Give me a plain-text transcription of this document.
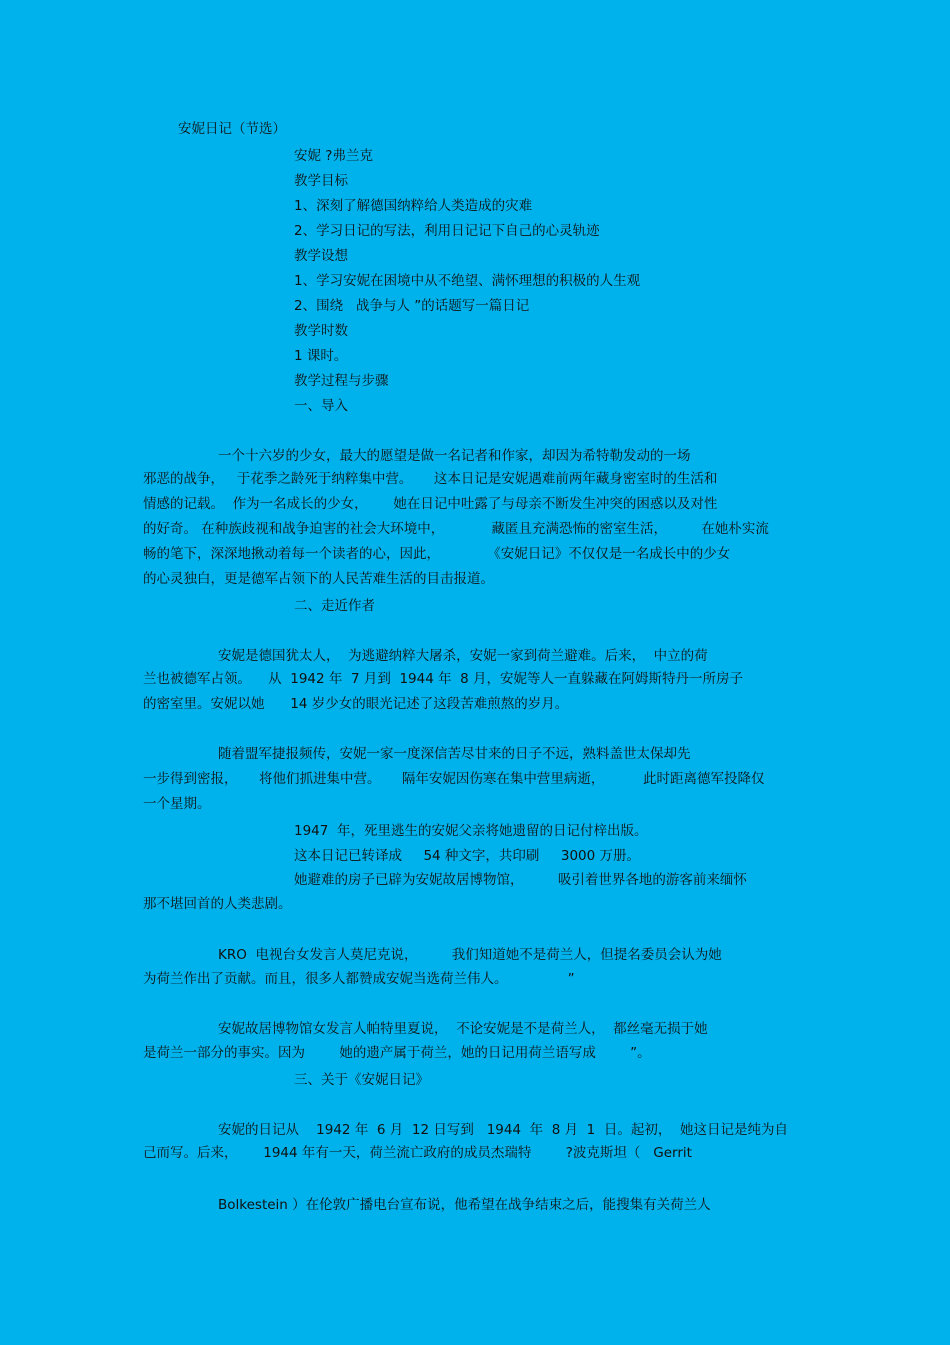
安妮日记（节选）

安妮 ?弗兰克

教学目标

1、深刻了解德国纳粹给人类造成的灾难

2、学习日记的写法，利用日记记下自己的心灵轨迹

教学设想

1、学习安妮在困境中从不绝望、满怀理想的积极的人生观

2、围绕   战争与人 ”的话题写一篇日记

教学时数

1 课时。

教学过程与步骤

一、导入

一个十六岁的少女，最大的愿望是做一名记者和作家，却因为希特勒发动的一场

邪恶的战争，   于花季之龄死于纳粹集中营。     这本日记是安妮遇难前两年藏身密室时的生活和

情感的记载。  作为一名成长的少女，      她在日记中吐露了与母亲不断发生冲突的困惑以及对性

的好奇。 在种族歧视和战争迫害的社会大环境中，           藏匿且充满恐怖的密室生活，        在她朴实流

畅的笔下，深深地揪动着每一个读者的心，因此，           《安妮日记》不仅仅是一名成长中的少女

的心灵独白，更是德军占领下的人民苦难生活的目击报道。

二、走近作者

安妮是德国犹太人，  为逃避纳粹大屠杀，安妮一家到荷兰避难。后来，  中立的荷

兰也被德军占领。    从  1942 年  7 月到  1944 年  8 月，安妮等人一直躲藏在阿姆斯特丹一所房子

的密室里。安妮以她      14 岁少女的眼光记述了这段苦难煎熬的岁月。

随着盟军捷报频传，安妮一家一度深信苦尽甘来的日子不远，熟料盖世太保却先

一步得到密报，     将他们抓进集中营。     隔年安妮因伤寒在集中营里病逝，         此时距离德军投降仅

一个星期。

1947  年，死里逃生的安妮父亲将她遗留的日记付梓出版。

这本日记已转译成     54 种文字，共印刷     3000 万册。

她避难的房子已辟为安妮故居博物馆，        吸引着世界各地的游客前来缅怀

那不堪回首的人类悲剧。

KRO  电视台女发言人莫尼克说，        我们知道她不是荷兰人，但提名委员会认为她

为荷兰作出了贡献。而且，很多人都赞成安妮当选荷兰伟人。              ”

安妮故居博物馆女发言人帕特里夏说，  不论安妮是不是荷兰人，  都丝毫无损于她

是荷兰一部分的事实。因为        她的遗产属于荷兰，她的日记用荷兰语写成        ”。

三、关于《安妮日记》

安妮的日记从    1942 年  6 月  12 日写到   1944  年  8 月  1  日。起初，  她这日记是纯为自

己而写。后来，      1944 年有一天，荷兰流亡政府的成员杰瑞特        ?波克斯坦（   Gerrit

Bolkestein ）在伦敦广播电台宣布说，他希望在战争结束之后，能搜集有关荷兰人
